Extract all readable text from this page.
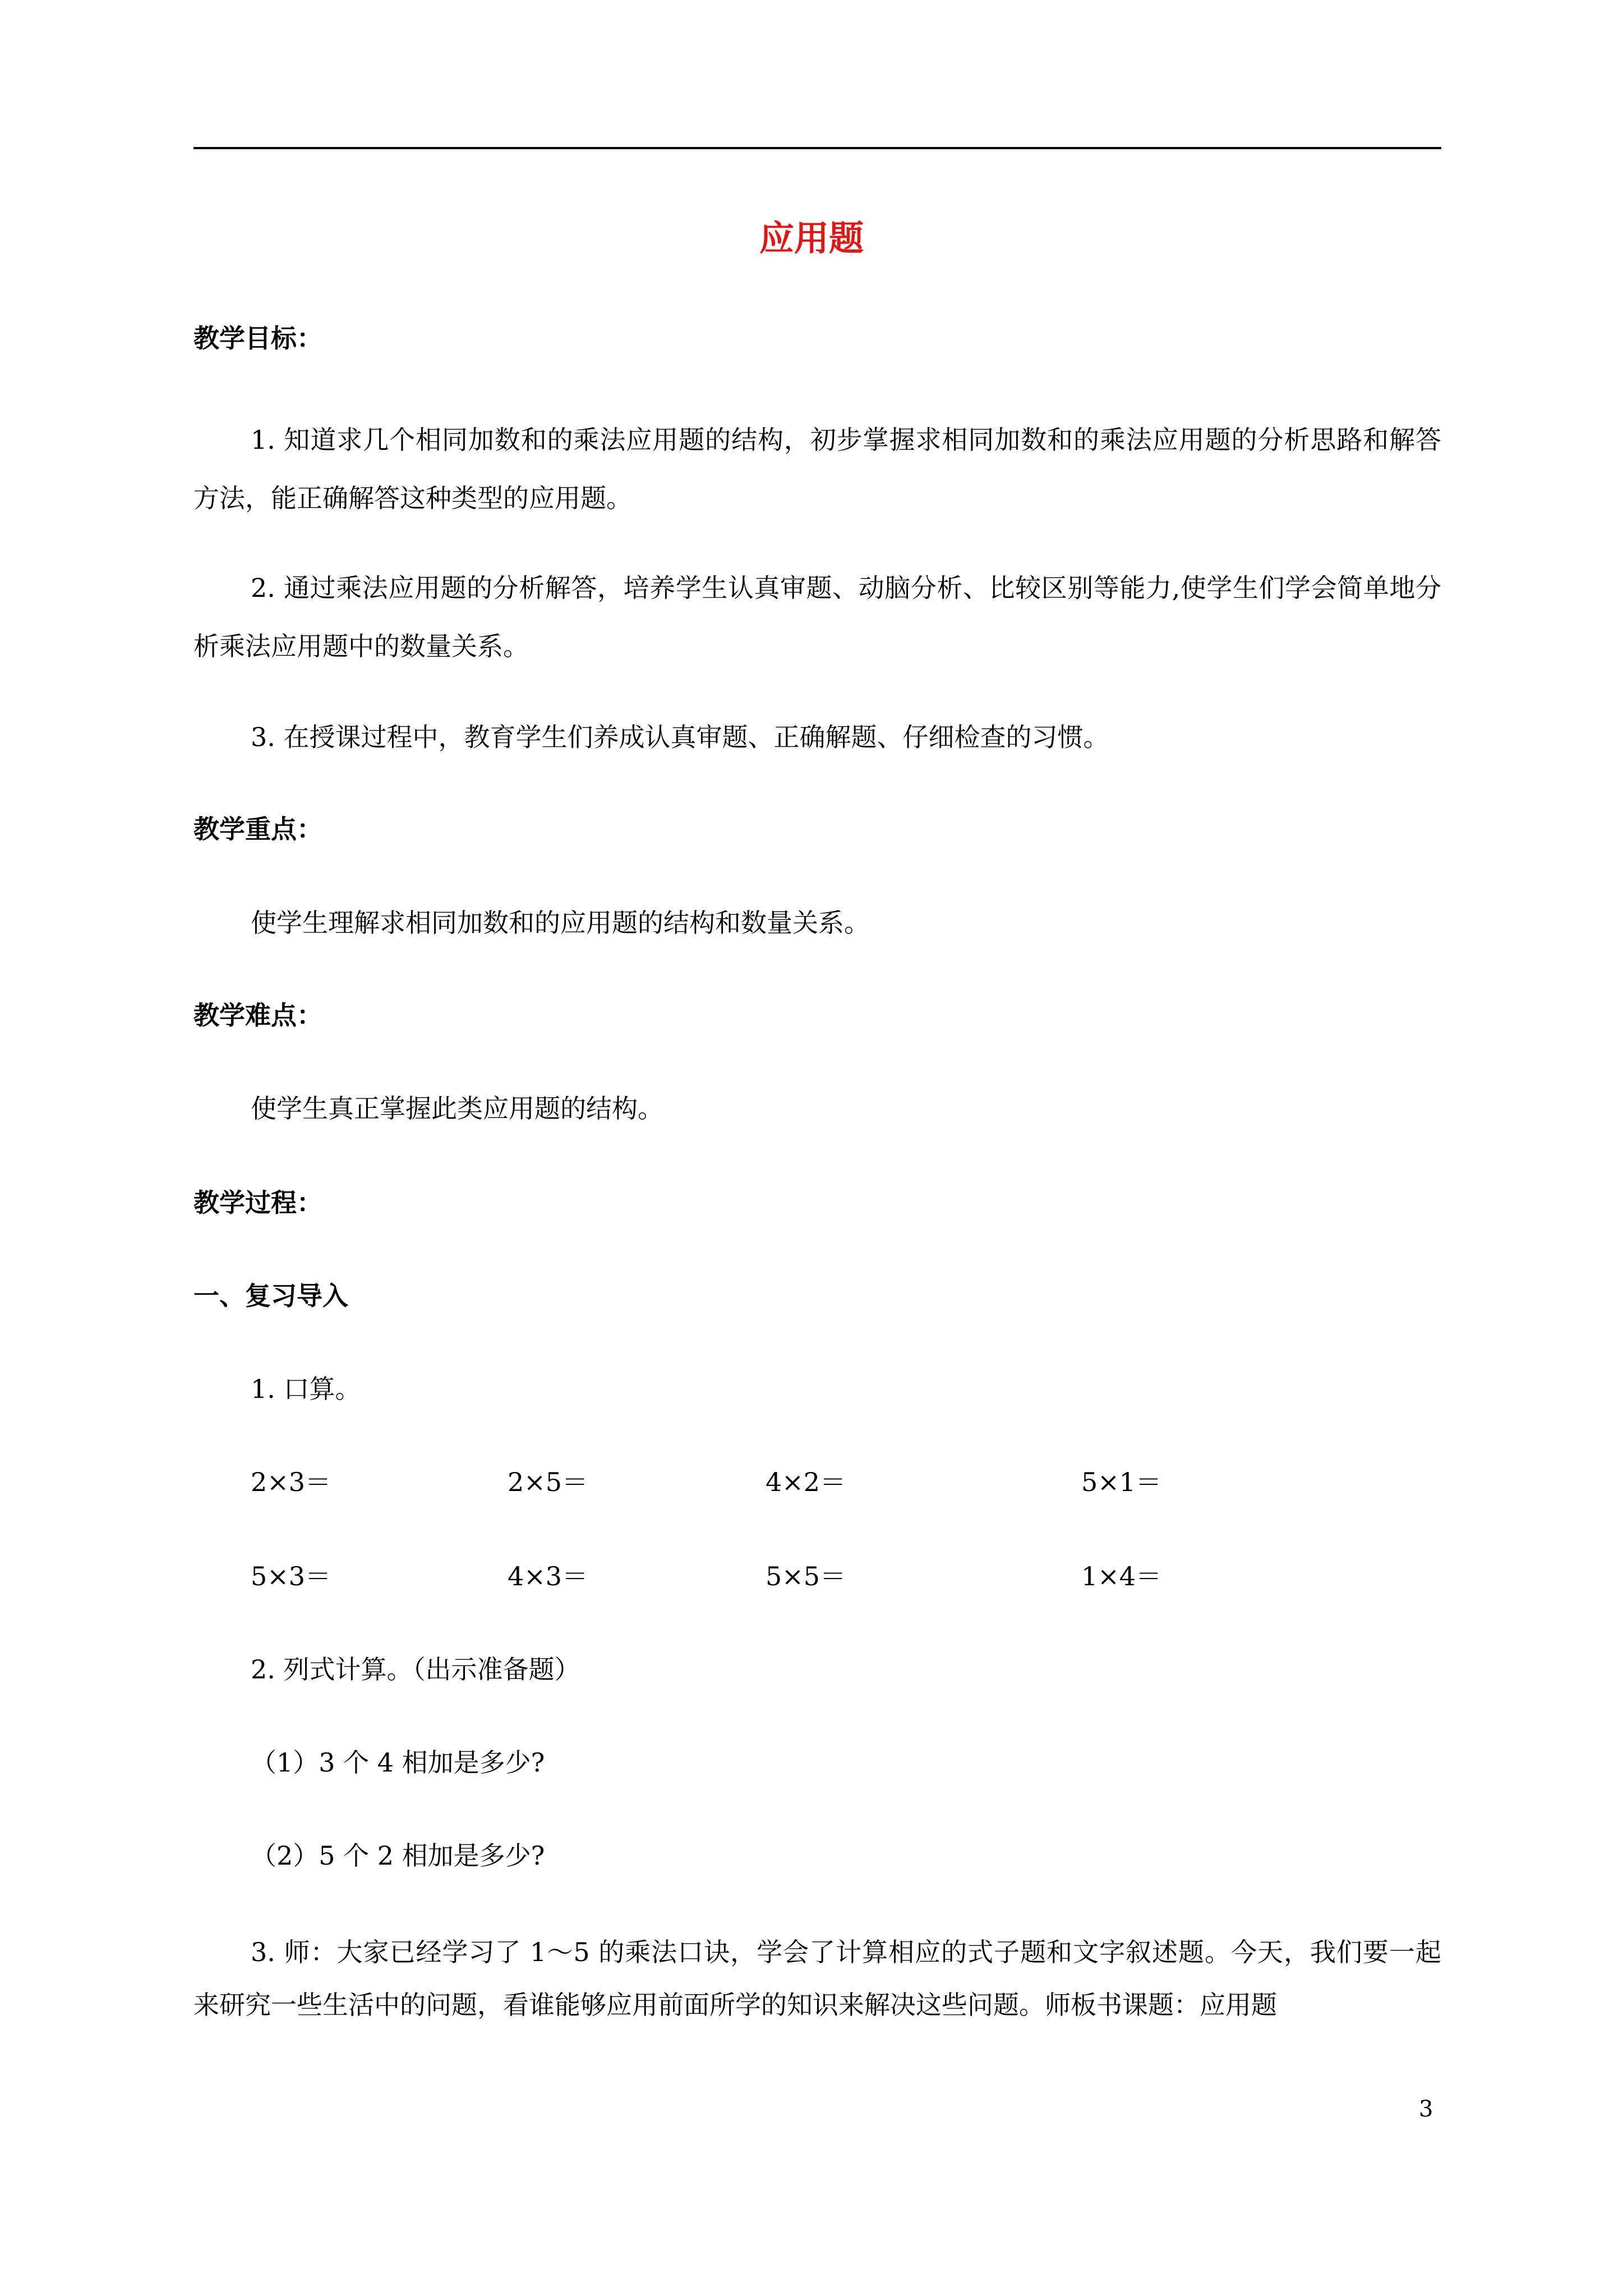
应用题
教学目标：
1. 知道求几个相同加数和的乘法应用题的结构，初步掌握求相同加数和的乘法应用题的分析思路和解答方法，能正确解答这种类型的应用题。
2. 通过乘法应用题的分析解答，培养学生认真审题、动脑分析、比较区别等能力,使学生们学会简单地分析乘法应用题中的数量关系。
3. 在授课过程中，教育学生们养成认真审题、正确解题、仔细检查的习惯。
教学重点：
使学生理解求相同加数和的应用题的结构和数量关系。
教学难点：
使学生真正掌握此类应用题的结构。
教学过程：
一、复习导入
1. 口算。
2×3＝	2×5＝	4×2＝	5×1＝
5×3＝	4×3＝	5×5＝	1×4＝
2. 列式计算。（出示准备题）
（1）3 个 4 相加是多少?
（2）5 个 2 相加是多少?
3. 师：大家已经学习了 1～5 的乘法口诀，学会了计算相应的式子题和文字叙述题。今天，我们要一起来研究一些生活中的问题，看谁能够应用前面所学的知识来解决这些问题。师板书课题：应用题
3
